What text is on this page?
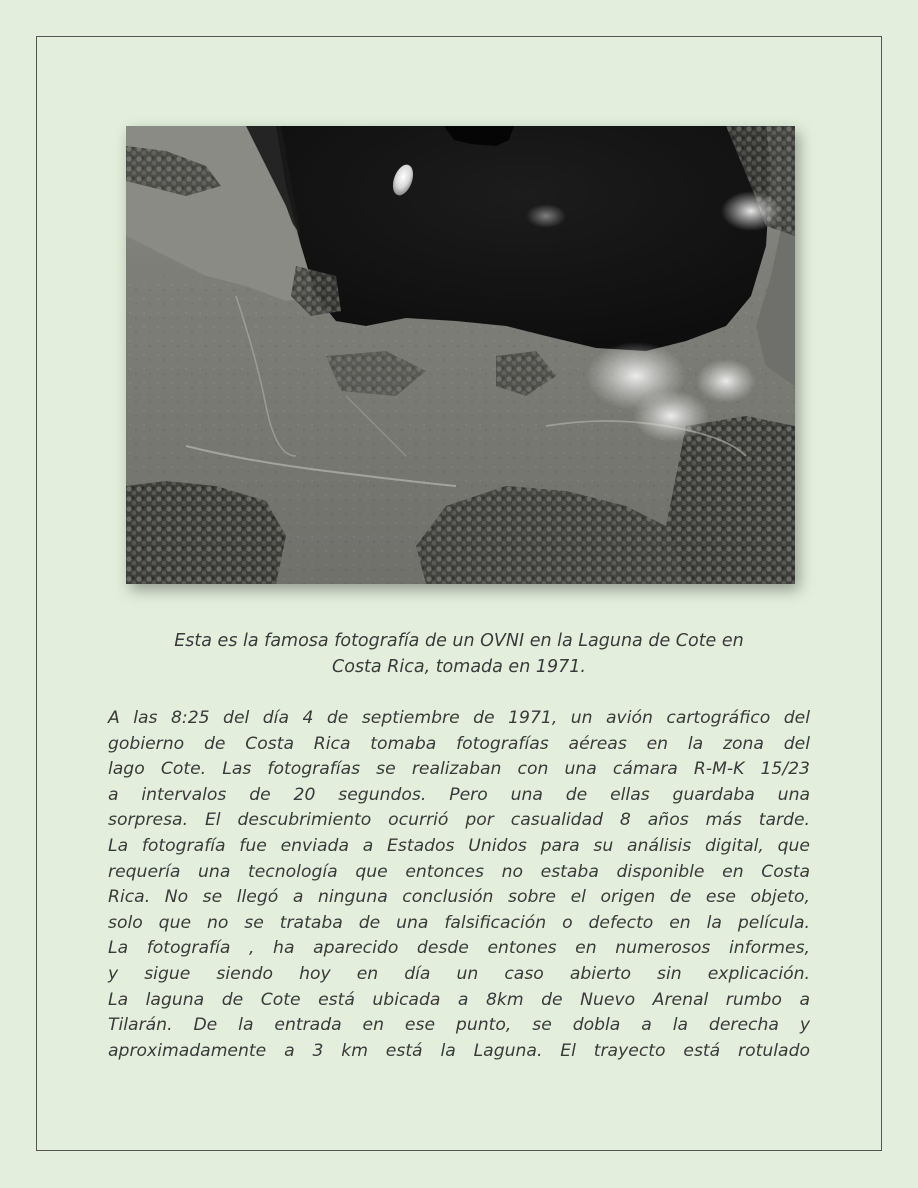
Esta es la famosa fotografía de un OVNI en la Laguna de Cote en
Costa Rica, tomada en 1971.

A las 8:25 del día 4 de septiembre de 1971, un avión cartográfico del
gobierno de Costa Rica tomaba fotografías aéreas en la zona del
lago Cote. Las fotografías se realizaban con una cámara R-M-K 15/23
a intervalos de 20 segundos. Pero una de ellas guardaba una
sorpresa. El descubrimiento ocurrió por casualidad 8 años más tarde.
La fotografía fue enviada a Estados Unidos para su análisis digital, que
requería una tecnología que entonces no estaba disponible en Costa
Rica. No se llegó a ninguna conclusión sobre el origen de ese objeto,
solo que no se trataba de una falsificación o defecto en la película.
La fotografía , ha aparecido desde entones en numerosos informes,
y sigue siendo hoy en día un caso abierto sin explicación.
La laguna de Cote está ubicada a 8km de Nuevo Arenal rumbo a
Tilarán. De la entrada en ese punto, se dobla a la derecha y
aproximadamente a 3 km está la Laguna. El trayecto está rotulado
